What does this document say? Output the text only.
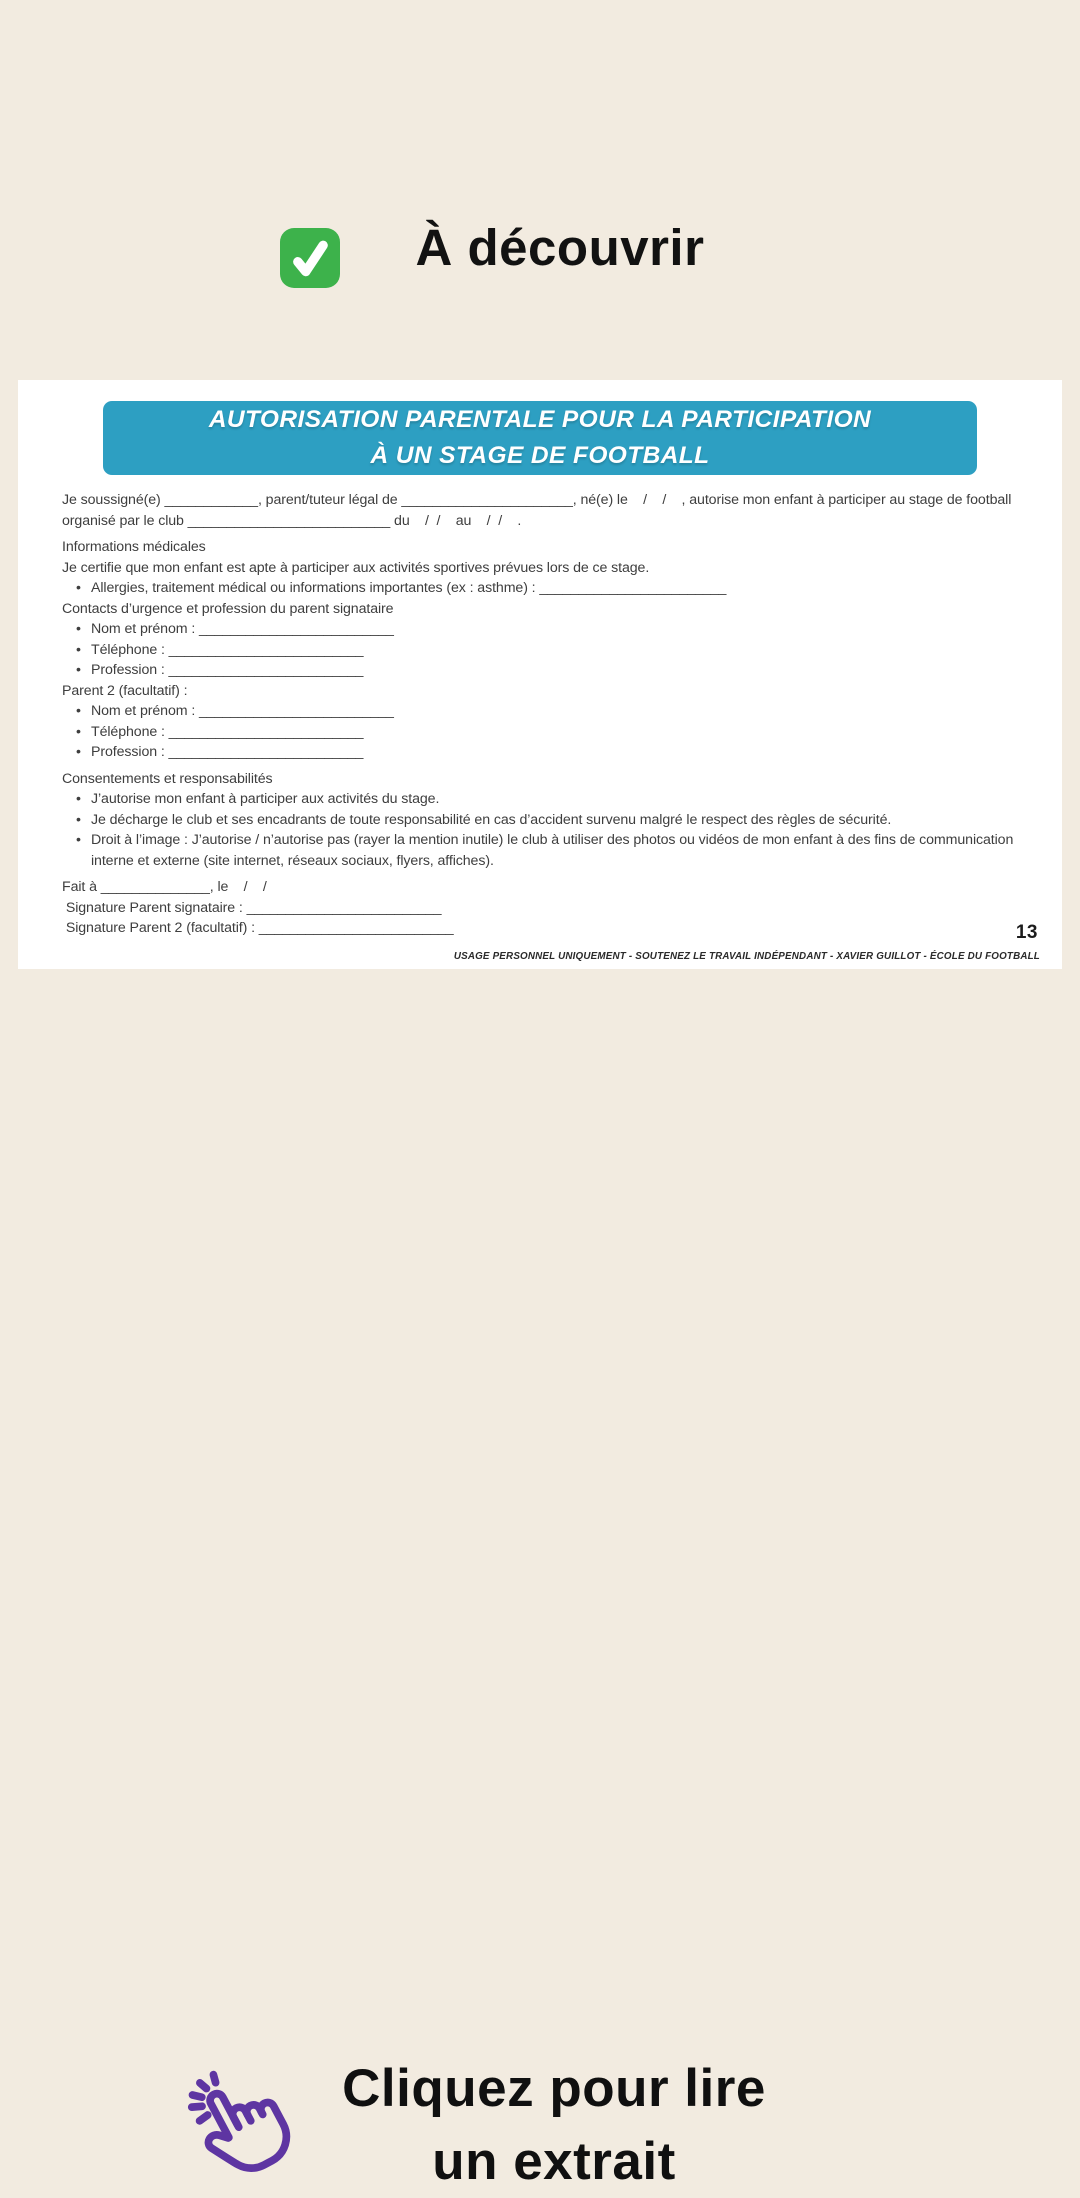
À découvrir
AUTORISATION PARENTALE POUR LA PARTICIPATION
À UN STAGE DE FOOTBALL
Je soussigné(e) ____________, parent/tuteur légal de ______________________, né(e) le    /    /    , autorise mon enfant à participer au stage de football organisé par le club __________________________ du    /  /    au    /  /    .
Informations médicales
Je certifie que mon enfant est apte à participer aux activités sportives prévues lors de ce stage.
• Allergies, traitement médical ou informations importantes (ex : asthme) : ________________________
Contacts d’urgence et profession du parent signataire
• Nom et prénom : _________________________
• Téléphone : _________________________
• Profession : _________________________
Parent 2 (facultatif) :
• Nom et prénom : _________________________
• Téléphone : _________________________
• Profession : _________________________
Consentements et responsabilités
• J’autorise mon enfant à participer aux activités du stage.
• Je décharge le club et ses encadrants de toute responsabilité en cas d’accident survenu malgré le respect des règles de sécurité.
• Droit à l’image : J’autorise / n’autorise pas (rayer la mention inutile) le club à utiliser des photos ou vidéos de mon enfant à des fins de communication interne et externe (site internet, réseaux sociaux, flyers, affiches).
Fait à ______________, le    /    /
Signature Parent signataire : _________________________
Signature Parent 2 (facultatif) : _________________________	13
USAGE PERSONNEL UNIQUEMENT - SOUTENEZ LE TRAVAIL INDÉPENDANT - XAVIER GUILLOT - ÉCOLE DU FOOTBALL
Cliquez pour lire
un extrait
